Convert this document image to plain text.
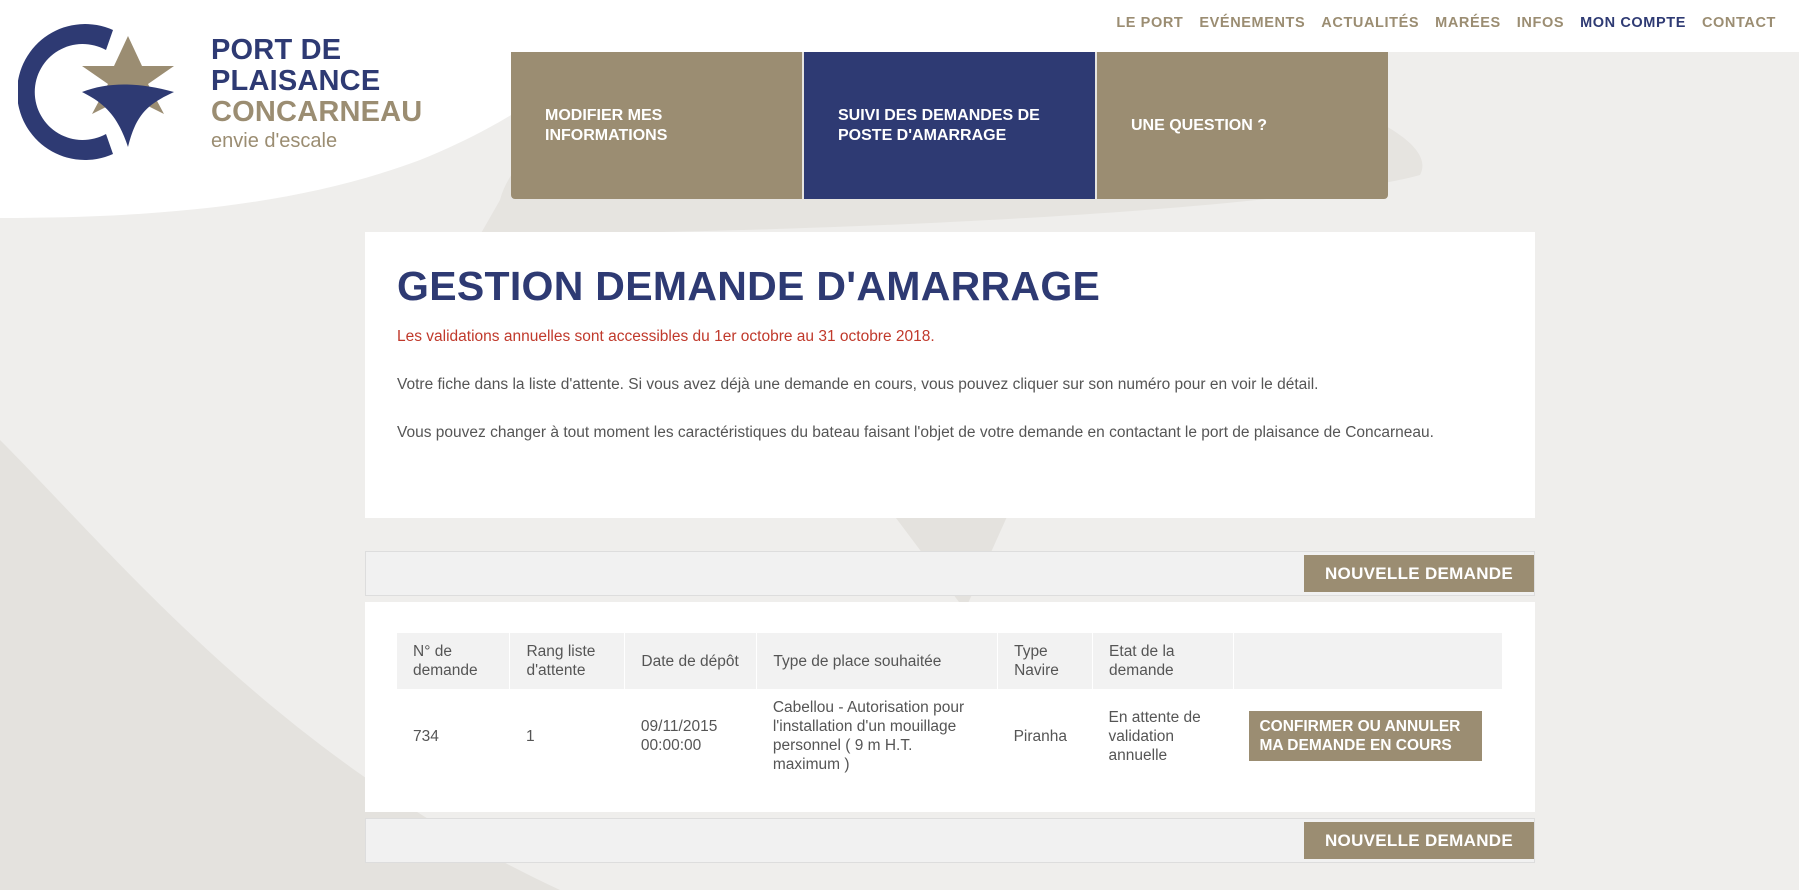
PORT DE
PLAISANCE
CONCARNEAU
envie d'escale
LE PORT EVÉNEMENTS ACTUALITÉS MARÉES INFOS MON COMPTE CONTACT
MODIFIER MES INFORMATIONS
SUIVI DES DEMANDES DE POSTE D'AMARRAGE
UNE QUESTION ?
GESTION DEMANDE D'AMARRAGE

Les validations annuelles sont accessibles du 1er octobre au 31 octobre 2018.

Votre fiche dans la liste d'attente. Si vous avez déjà une demande en cours, vous pouvez cliquer sur son numéro pour en voir le détail.

Vous pouvez changer à tout moment les caractéristiques du bateau faisant l'objet de votre demande en contactant le port de plaisance de Concarneau.

NOUVELLE DEMANDE
N° de demande	Rang liste d'attente	Date de dépôt	Type de place souhaitée	Type Navire	Etat de la demande	
734	1	09/11/2015 00:00:00	Cabellou - Autorisation pour l'installation d'un mouillage personnel ( 9 m H.T. maximum )	Piranha	En attente de validation annuelle	CONFIRMER OU ANNULER MA DEMANDE EN COURS
NOUVELLE DEMANDE
